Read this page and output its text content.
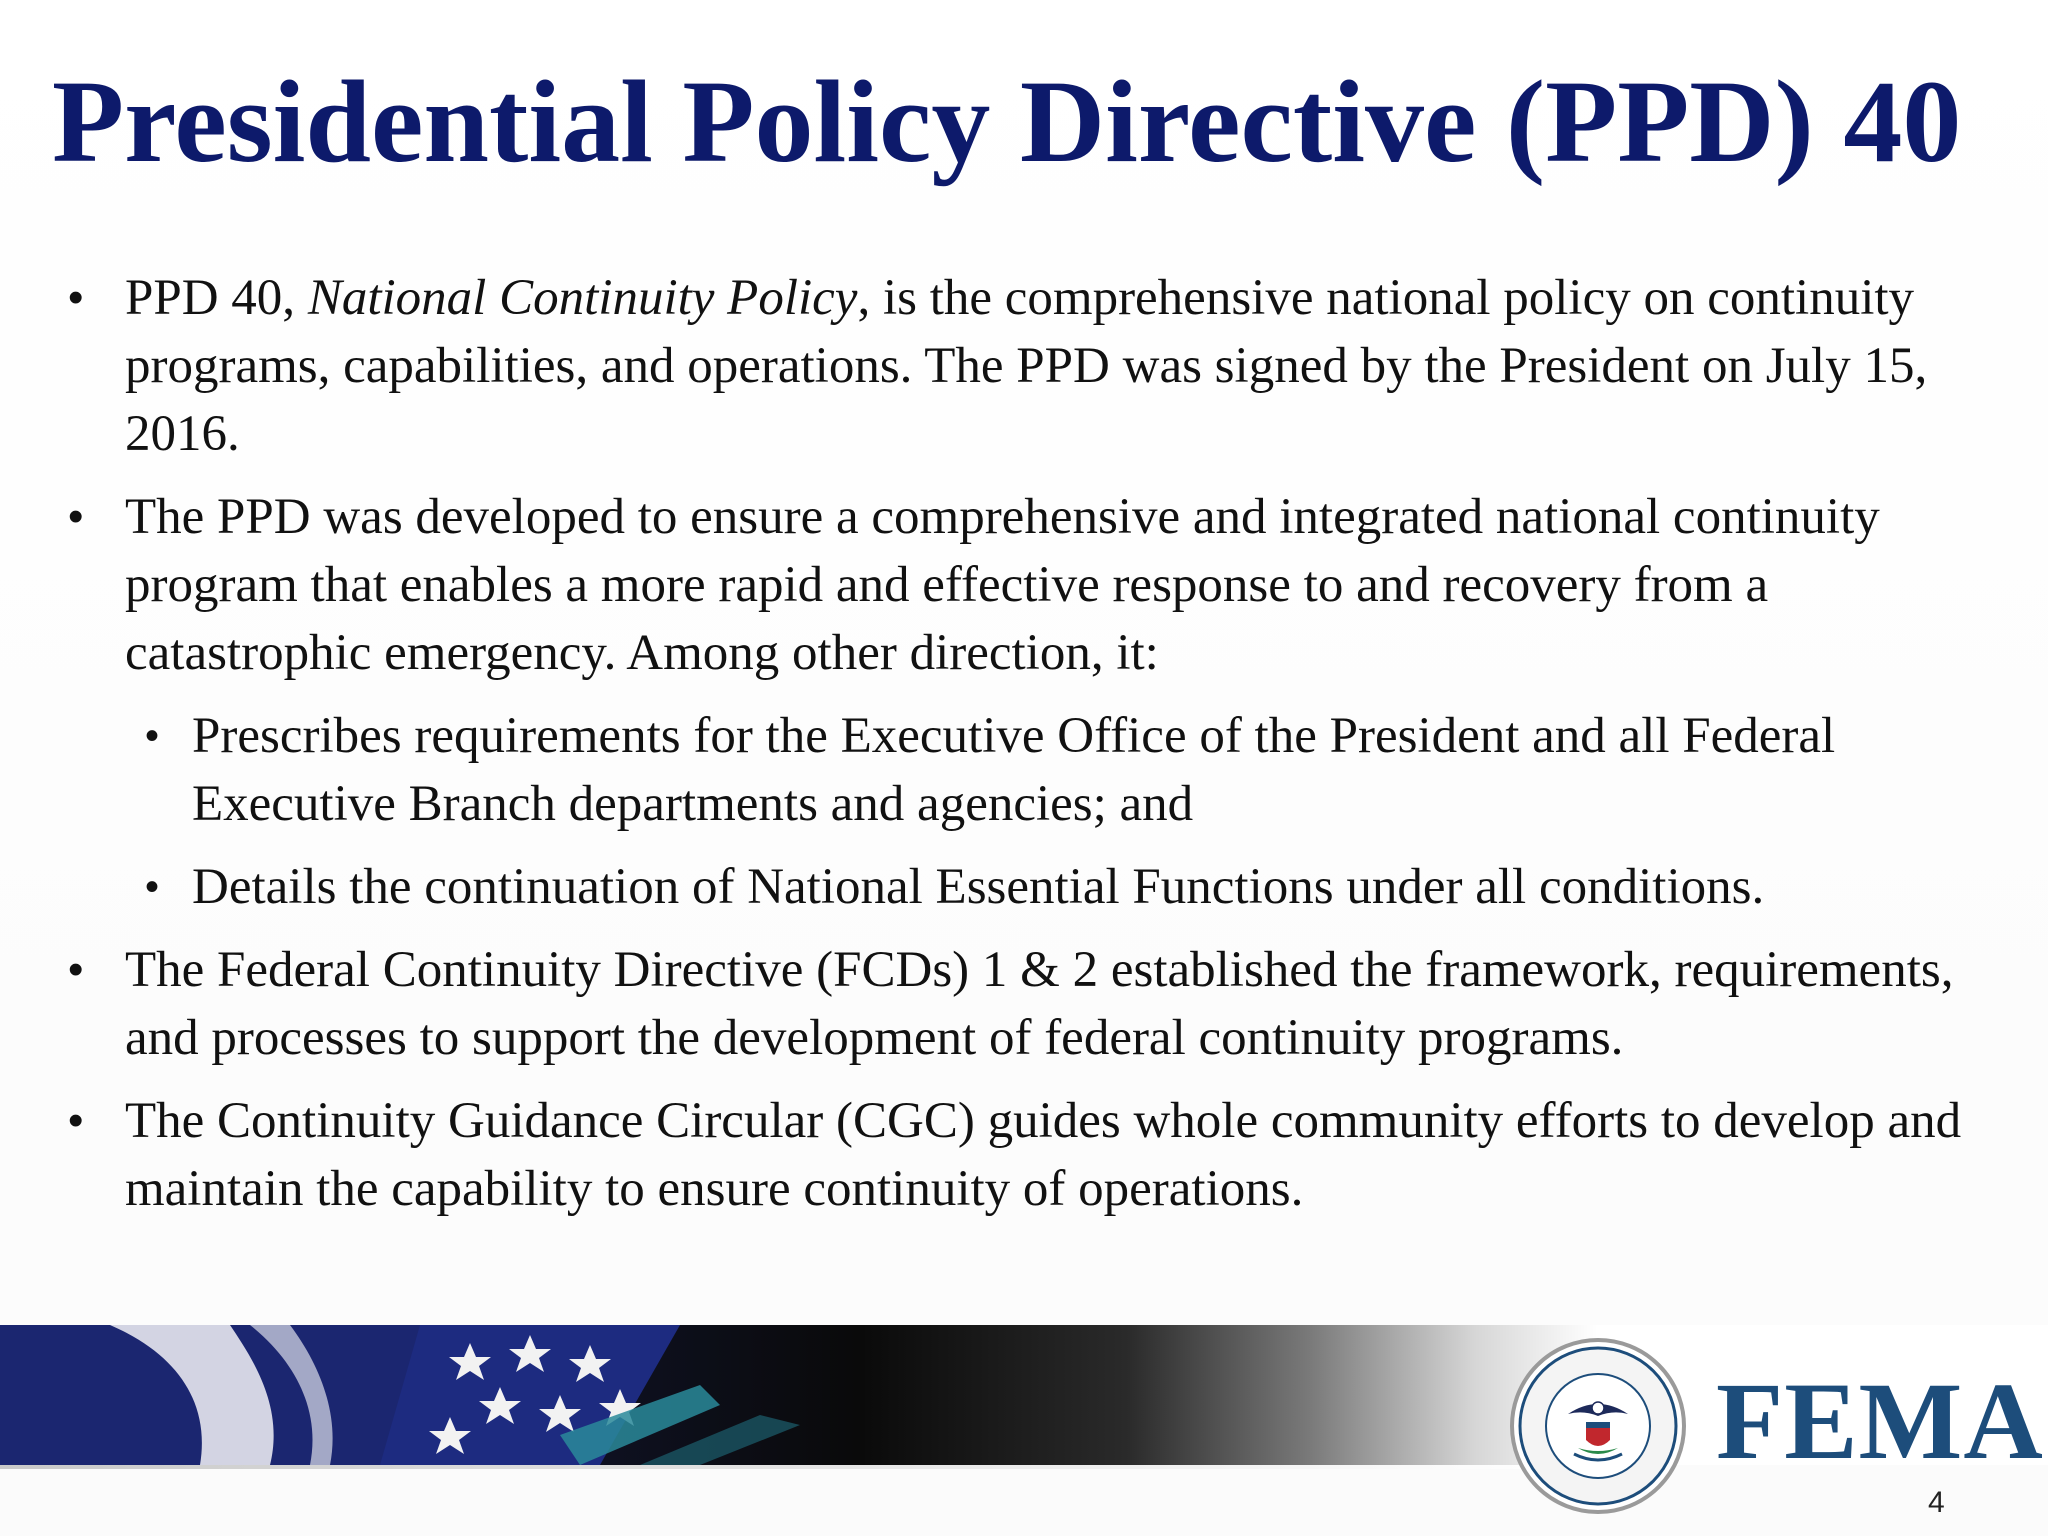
Presidential Policy Directive (PPD) 40
• PPD 40, National Continuity Policy, is the comprehensive national policy on continuity programs, capabilities, and operations. The PPD was signed by the President on July 15, 2016.
• The PPD was developed to ensure a comprehensive and integrated national continuity program that enables a more rapid and effective response to and recovery from a catastrophic emergency. Among other direction, it:
• Prescribes requirements for the Executive Office of the President and all Federal Executive Branch departments and agencies; and
• Details the continuation of National Essential Functions under all conditions.
• The Federal Continuity Directive (FCDs) 1 & 2 established the framework, requirements, and processes to support the development of federal continuity programs.
• The Continuity Guidance Circular (CGC) guides whole community efforts to develop and maintain the capability to ensure continuity of operations.
FEMA
4
